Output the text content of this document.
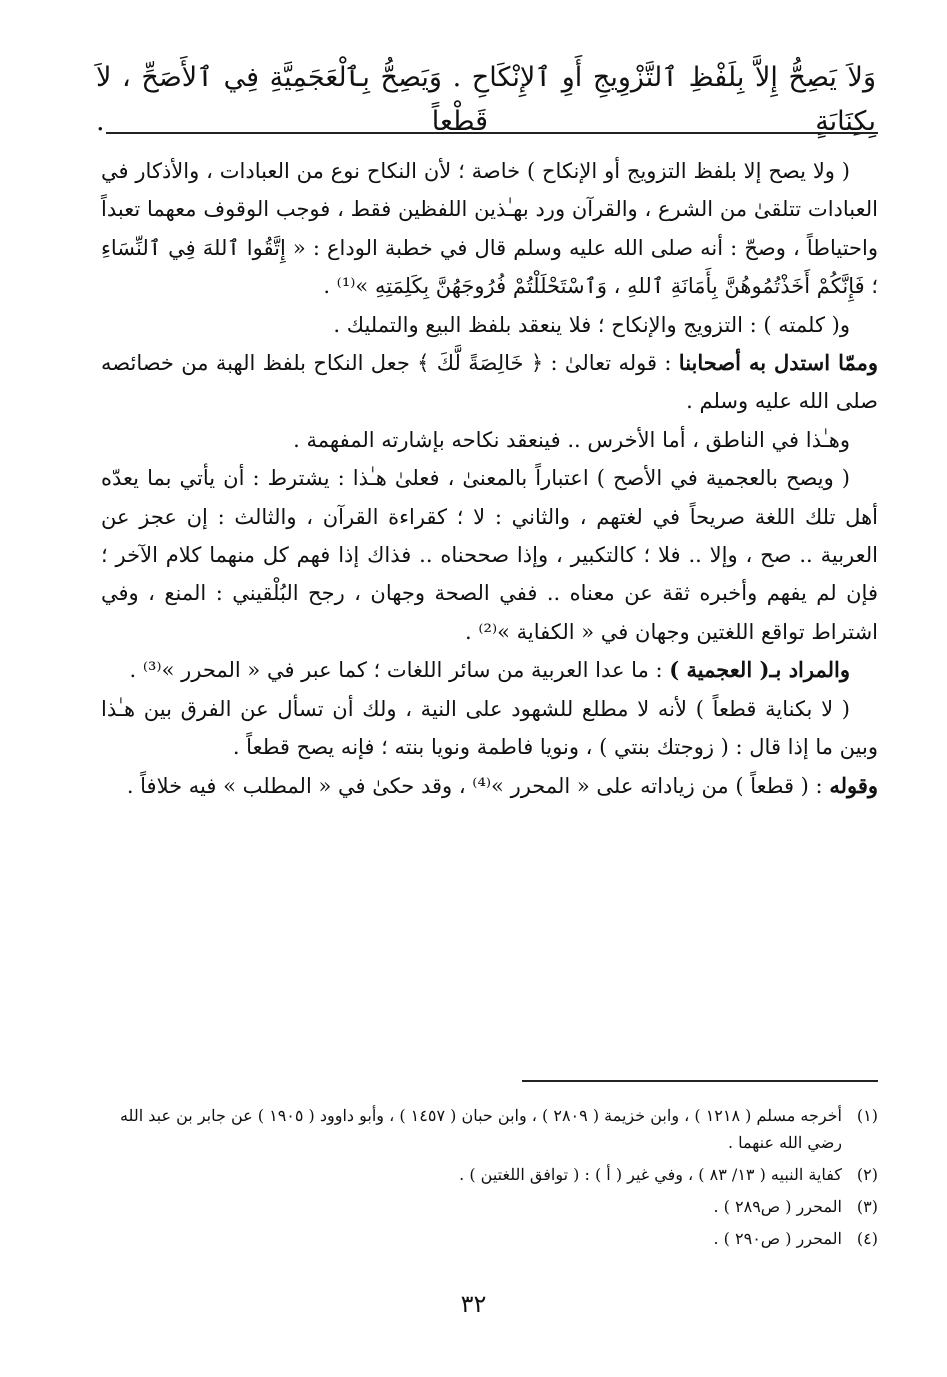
وَلاَ يَصِحُّ إِلاَّ بِلَفْظِ ٱلتَّزْوِيجِ أَوِ ٱلإِنْكَاحِ . وَيَصِحُّ بِٱلْعَجَمِيَّةِ فِي ٱلأَصَحِّ ، لاَ بِكِنَايَةٍ قَطْعاً .

( ولا يصح إلا بلفظ التزويج أو الإنكاح ) خاصة ؛ لأن النكاح نوع من العبادات ، والأذكار في العبادات تتلقىٰ من الشرع ، والقرآن ورد بهـٰذين اللفظين فقط ، فوجب الوقوف معهما تعبداً واحتياطاً ، وصحّ : أنه صلى الله عليه وسلم قال في خطبة الوداع : « إِتَّقُوا ٱللهَ فِي ٱلنِّسَاءِ ؛ فَإِنَّكُمْ أَخَذْتُمُوهُنَّ بِأَمَانَةِ ٱللهِ ، وَٱسْتَحْلَلْتُمْ فُرُوجَهُنَّ بِكَلِمَتِهِ »⁽¹⁾ .

و( كلمته ) : التزويج والإنكاح ؛ فلا ينعقد بلفظ البيع والتمليك .

وممّا استدل به أصحابنا : قوله تعالىٰ : ﴿ خَالِصَةً لَّكَ ﴾ جعل النكاح بلفظ الهبة من خصائصه صلى الله عليه وسلم .

وهـٰذا في الناطق ، أما الأخرس .. فينعقد نكاحه بإشارته المفهمة .

( ويصح بالعجمية في الأصح ) اعتباراً بالمعنىٰ ، فعلىٰ هـٰذا : يشترط : أن يأتي بما يعدّه أهل تلك اللغة صريحاً في لغتهم ، والثاني : لا ؛ كقراءة القرآن ، والثالث : إن عجز عن العربية .. صح ، وإلا .. فلا ؛ كالتكبير ، وإذا صححناه .. فذاك إذا فهم كل منهما كلام الآخر ؛ فإن لم يفهم وأخبره ثقة عن معناه .. ففي الصحة وجهان ، رجح البُلْقيني : المنع ، وفي اشتراط تواقع اللغتين وجهان في « الكفاية »⁽²⁾ .

والمراد بـ( العجمية ) : ما عدا العربية من سائر اللغات ؛ كما عبر في « المحرر »⁽³⁾ .

( لا بكناية قطعاً ) لأنه لا مطلع للشهود على النية ، ولك أن تسأل عن الفرق بين هـٰذا وبين ما إذا قال : ( زوجتك بنتي ) ، ونويا فاطمة ونويا بنته ؛ فإنه يصح قطعاً .

وقوله : ( قطعاً ) من زياداته على « المحرر »⁽⁴⁾ ، وقد حكىٰ في « المطلب » فيه خلافاً .

(١)
أخرجه مسلم ( ١٢١٨ ) ، وابن خزيمة ( ٢٨٠٩ ) ، وابن حبان ( ١٤٥٧ ) ، وأبو داوود ( ١٩٠٥ ) عن جابر بن عبد الله رضي الله عنهما .
(٢)
كفاية النبيه ( ١٣/ ٨٣ ) ، وفي غير ( أ ) : ( توافق اللغتين ) .
(٣)
المحرر ( ص٢٨٩ ) .
(٤)
المحرر ( ص٢٩٠ ) .
٣٢
